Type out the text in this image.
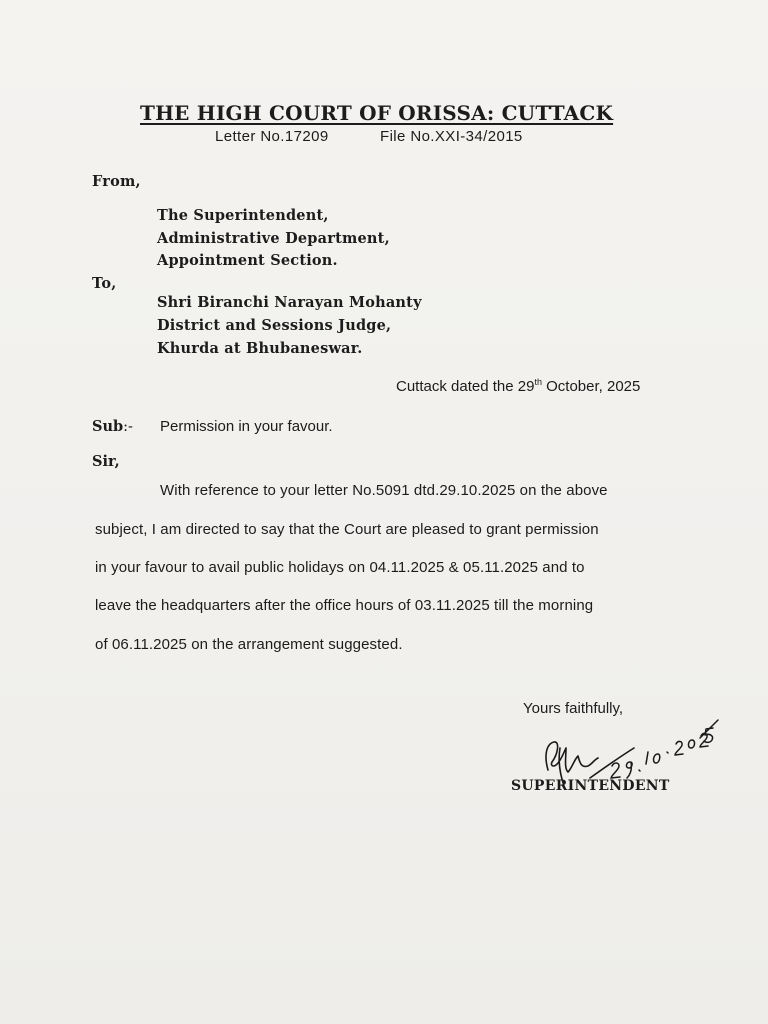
THE HIGH COURT OF ORISSA: CUTTACK
Letter No.17209	File No.XXI-34/2015
From,
The Superintendent,
Administrative Department,
Appointment Section.
To,
Shri Biranchi Narayan Mohanty
District and Sessions Judge,
Khurda at Bhubaneswar.
Cuttack dated the 29th October, 2025
Sub:- Permission in your favour.
Sir,
With reference to your letter No.5091 dtd.29.10.2025 on the above
subject, I am directed to say that the Court are pleased to grant permission
in your favour to avail public holidays on 04.11.2025 & 05.11.2025 and to
leave the headquarters after the office hours of 03.11.2025 till the morning
of 06.11.2025 on the arrangement suggested.
Yours faithfully,
SUPERINTENDENT
